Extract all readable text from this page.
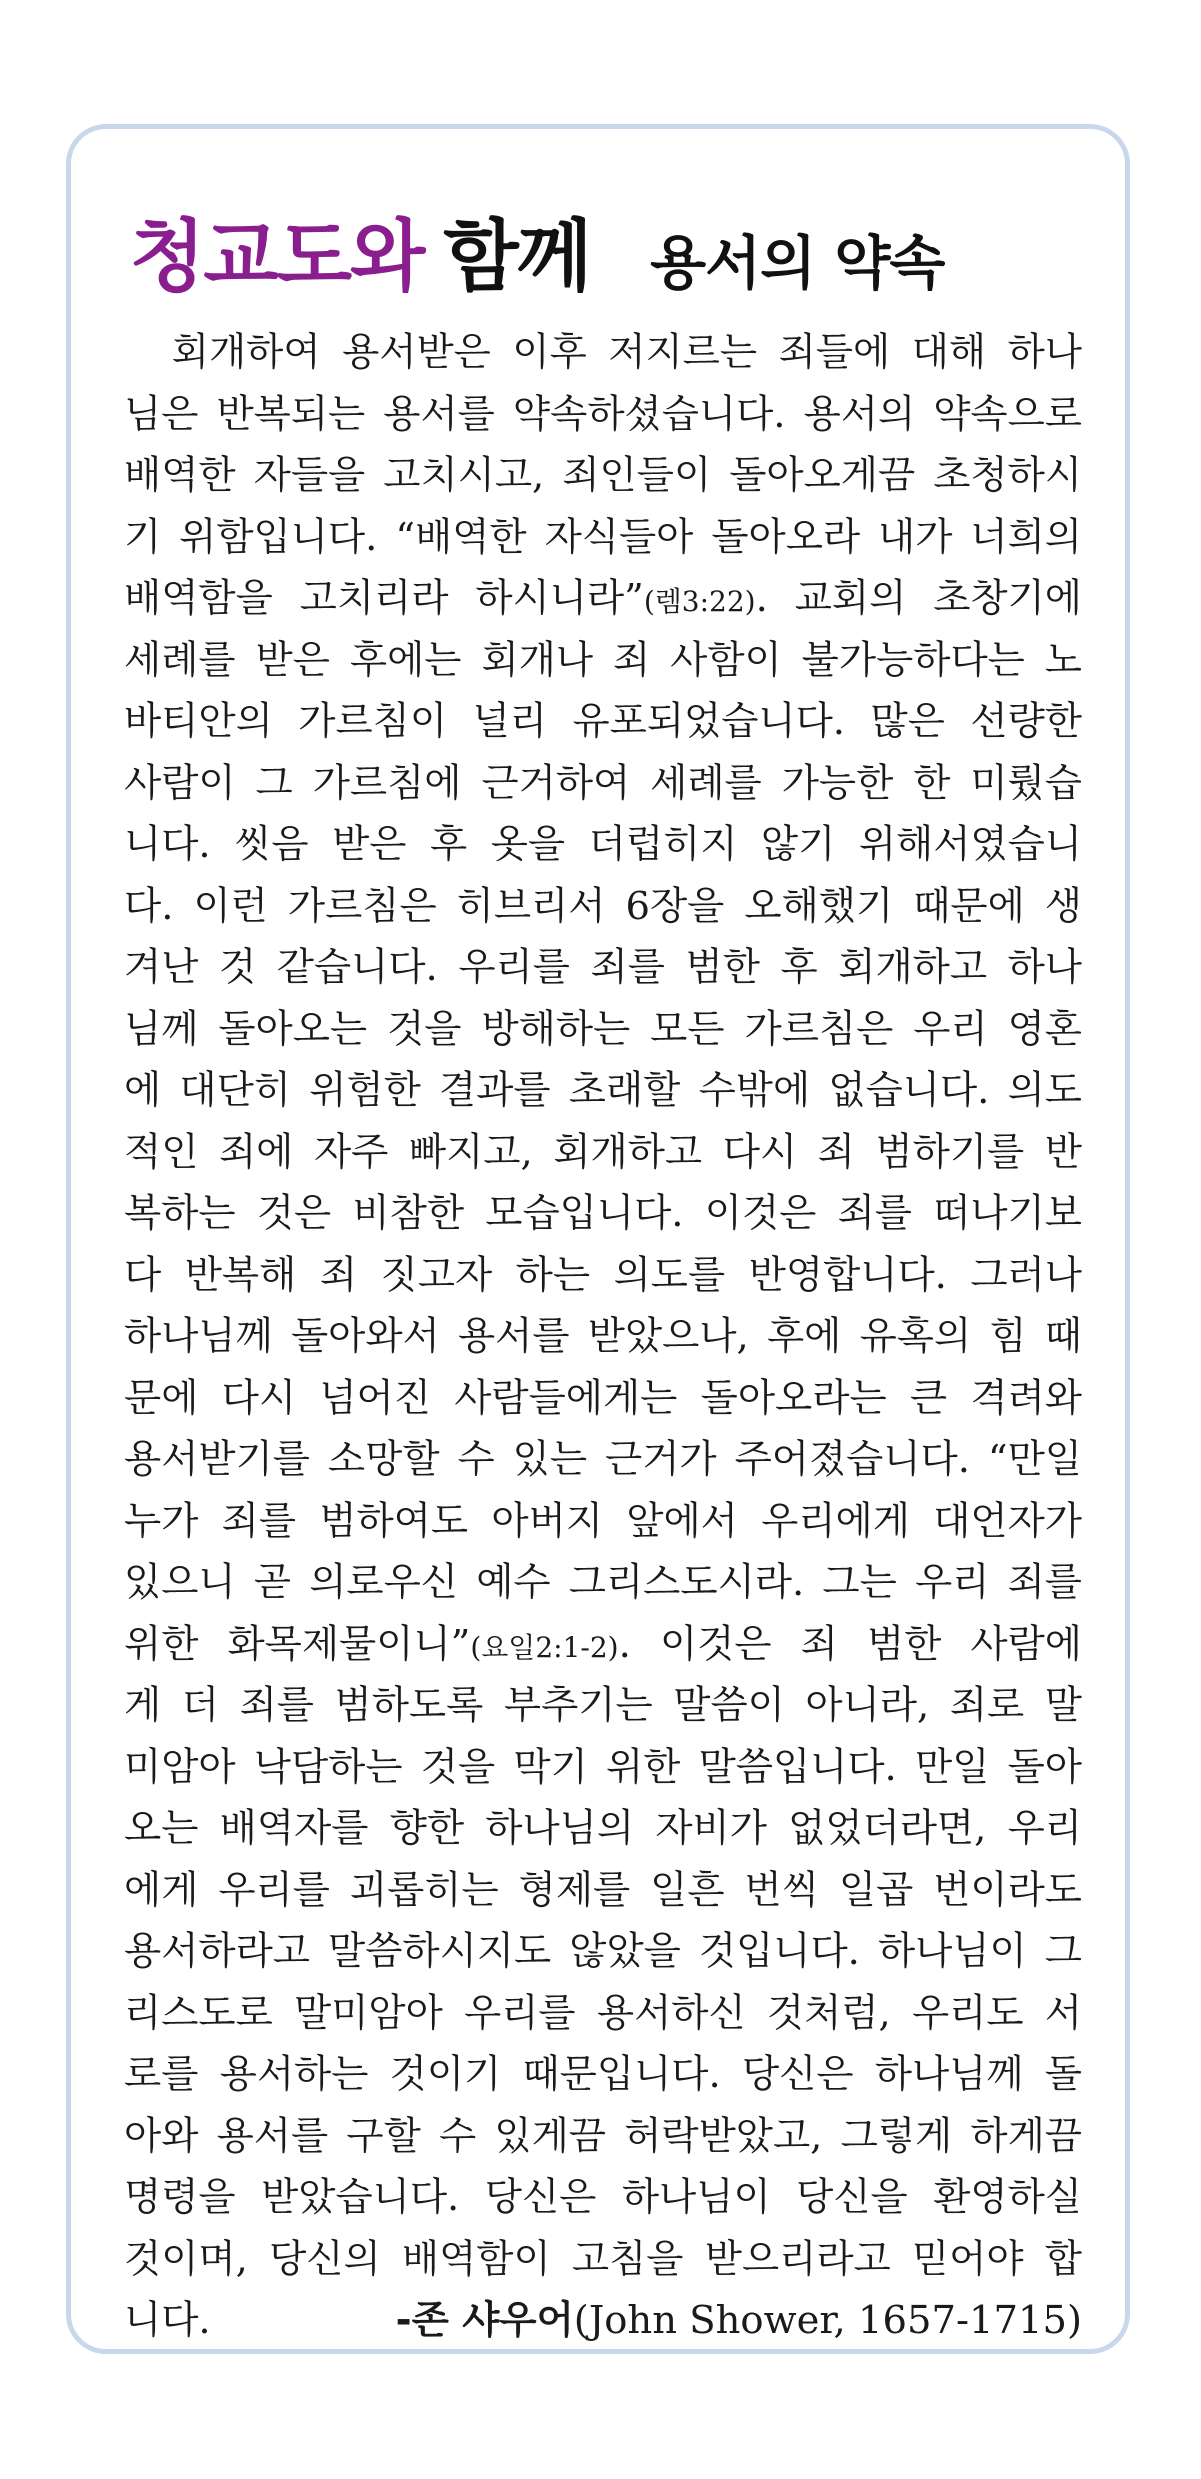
청교도와 함께 용서의 약속
　회개하여 용서받은 이후 저지르는 죄들에 대해 하나
님은 반복되는 용서를 약속하셨습니다. 용서의 약속으로
배역한 자들을 고치시고, 죄인들이 돌아오게끔 초청하시
기 위함입니다. “배역한 자식들아 돌아오라 내가 너희의
배역함을 고치리라 하시니라”(렘3:22). 교회의 초창기에
세례를 받은 후에는 회개나 죄 사함이 불가능하다는 노
바티안의 가르침이 널리 유포되었습니다. 많은 선량한
사람이 그 가르침에 근거하여 세례를 가능한 한 미뤘습
니다. 씻음 받은 후 옷을 더럽히지 않기 위해서였습니
다. 이런 가르침은 히브리서 6장을 오해했기 때문에 생
겨난 것 같습니다. 우리를 죄를 범한 후 회개하고 하나
님께 돌아오는 것을 방해하는 모든 가르침은 우리 영혼
에 대단히 위험한 결과를 초래할 수밖에 없습니다. 의도
적인 죄에 자주 빠지고, 회개하고 다시 죄 범하기를 반
복하는 것은 비참한 모습입니다. 이것은 죄를 떠나기보
다 반복해 죄 짓고자 하는 의도를 반영합니다. 그러나
하나님께 돌아와서 용서를 받았으나, 후에 유혹의 힘 때
문에 다시 넘어진 사람들에게는 돌아오라는 큰 격려와
용서받기를 소망할 수 있는 근거가 주어졌습니다. “만일
누가 죄를 범하여도 아버지 앞에서 우리에게 대언자가
있으니 곧 의로우신 예수 그리스도시라. 그는 우리 죄를
위한 화목제물이니”(요일2:1-2). 이것은 죄 범한 사람에
게 더 죄를 범하도록 부추기는 말씀이 아니라, 죄로 말
미암아 낙담하는 것을 막기 위한 말씀입니다. 만일 돌아
오는 배역자를 향한 하나님의 자비가 없었더라면, 우리
에게 우리를 괴롭히는 형제를 일흔 번씩 일곱 번이라도
용서하라고 말씀하시지도 않았을 것입니다. 하나님이 그
리스도로 말미암아 우리를 용서하신 것처럼, 우리도 서
로를 용서하는 것이기 때문입니다. 당신은 하나님께 돌
아와 용서를 구할 수 있게끔 허락받았고, 그렇게 하게끔
명령을 받았습니다. 당신은 하나님이 당신을 환영하실
것이며, 당신의 배역함이 고침을 받으리라고 믿어야 합
니다.	-존 샤우어(John Shower, 1657-1715)
